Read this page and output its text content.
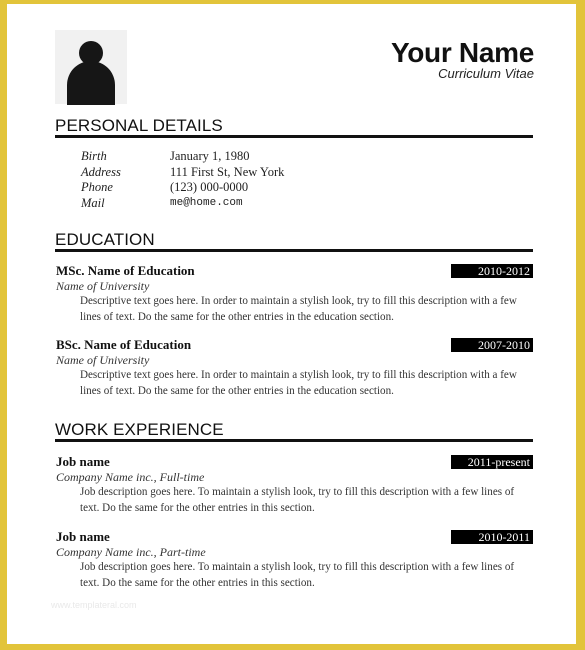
Your Name
Curriculum Vitae
PERSONAL DETAILS
Birth	January 1, 1980
Address	111 First St, New York
Phone	(123) 000-0000
Mail	me@home.com
EDUCATION
MSc. Name of Education	2010-2012
Name of University
Descriptive text goes here. In order to maintain a stylish look, try to fill this description with a few lines of text. Do the same for the other entries in the education section.
BSc. Name of Education	2007-2010
Name of University
Descriptive text goes here. In order to maintain a stylish look, try to fill this description with a few lines of text. Do the same for the other entries in the education section.
WORK EXPERIENCE
Job name	2011-present
Company Name inc., Full-time
Job description goes here. To maintain a stylish look, try to fill this description with a few lines of text. Do the same for the other entries in this section.
Job name	2010-2011
Company Name inc., Part-time
Job description goes here. To maintain a stylish look, try to fill this description with a few lines of text. Do the same for the other entries in this section.
www.templateral.com
